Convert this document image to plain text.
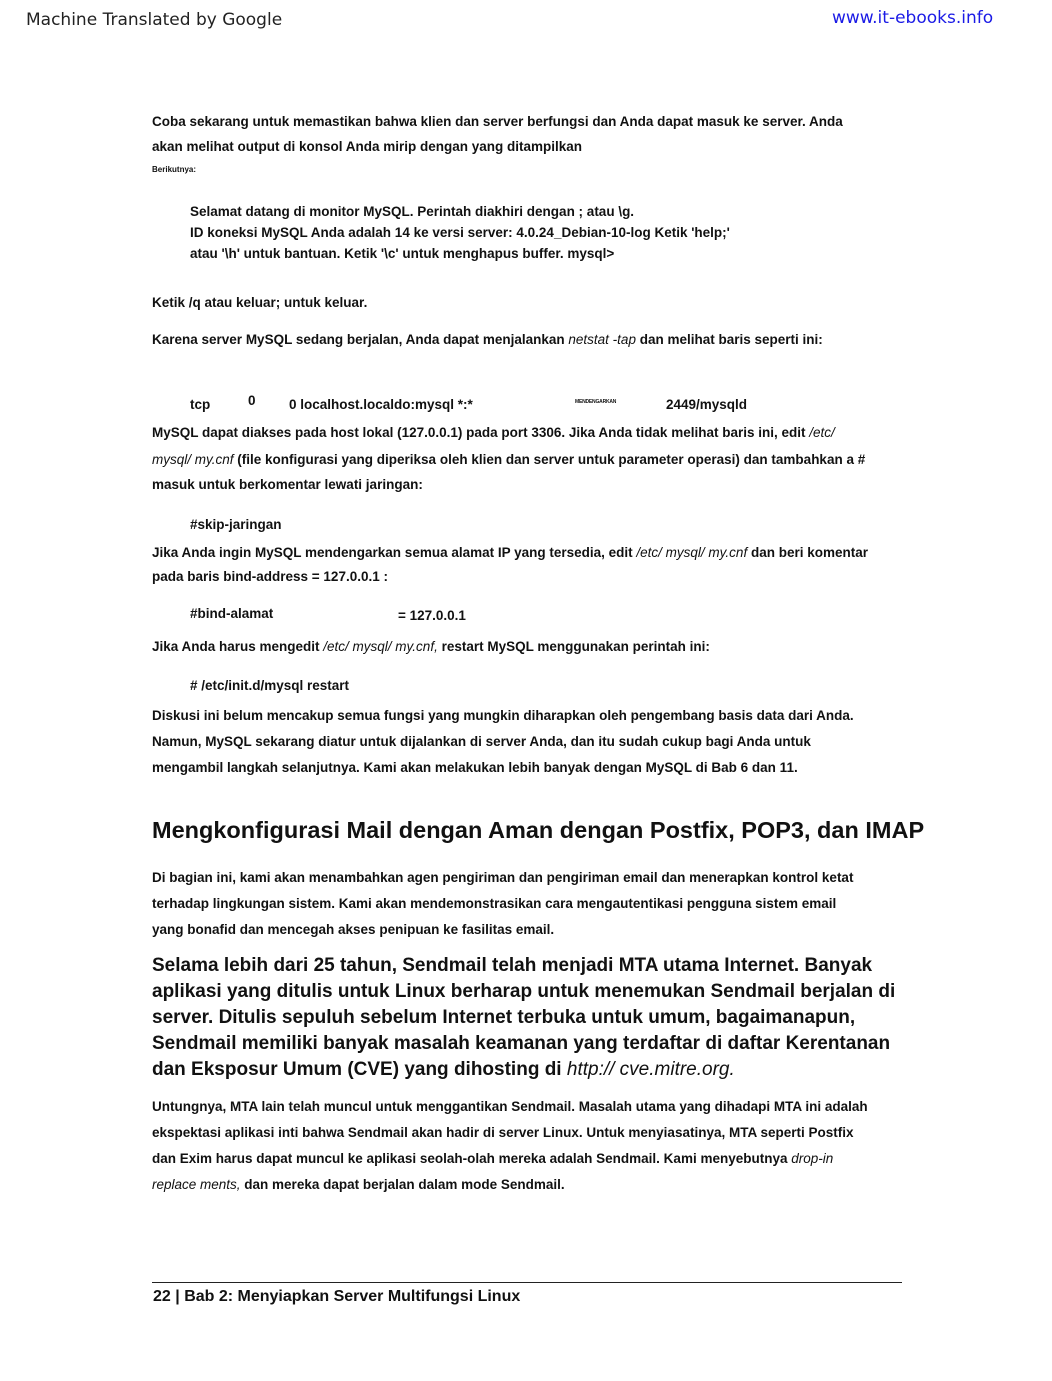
Machine Translated by Google	www.it-ebooks.info
Coba sekarang untuk memastikan bahwa klien dan server berfungsi dan Anda dapat masuk ke server. Anda
akan melihat output di konsol Anda mirip dengan yang ditampilkan
Berikutnya:
Selamat datang di monitor MySQL. Perintah diakhiri dengan ; atau \g.
ID koneksi MySQL Anda adalah 14 ke versi server: 4.0.24_Debian-10-log Ketik 'help;'
atau '\h' untuk bantuan. Ketik '\c' untuk menghapus buffer. mysql>
Ketik /q atau keluar; untuk keluar.
Karena server MySQL sedang berjalan, Anda dapat menjalankan netstat -tap dan melihat baris seperti ini:
tcp	0 0 localhost.localdo:mysql *:*	MENDENGARKAN	2449/mysqld
MySQL dapat diakses pada host lokal (127.0.0.1) pada port 3306. Jika Anda tidak melihat baris ini, edit /etc/
mysql/ my.cnf (file konfigurasi yang diperiksa oleh klien dan server untuk parameter operasi) dan tambahkan a #
masuk untuk berkomentar lewati jaringan:
#skip-jaringan
Jika Anda ingin MySQL mendengarkan semua alamat IP yang tersedia, edit /etc/ mysql/ my.cnf dan beri komentar
pada baris bind-address = 127.0.0.1 :
#bind-alamat	= 127.0.0.1
Jika Anda harus mengedit /etc/ mysql/ my.cnf, restart MySQL menggunakan perintah ini:
# /etc/init.d/mysql restart
Diskusi ini belum mencakup semua fungsi yang mungkin diharapkan oleh pengembang basis data dari Anda.
Namun, MySQL sekarang diatur untuk dijalankan di server Anda, dan itu sudah cukup bagi Anda untuk
mengambil langkah selanjutnya. Kami akan melakukan lebih banyak dengan MySQL di Bab 6 dan 11.
Mengkonfigurasi Mail dengan Aman dengan Postfix, POP3, dan IMAP
Di bagian ini, kami akan menambahkan agen pengiriman dan pengiriman email dan menerapkan kontrol ketat
terhadap lingkungan sistem. Kami akan mendemonstrasikan cara mengautentikasi pengguna sistem email
yang bonafid dan mencegah akses penipuan ke fasilitas email.
Selama lebih dari 25 tahun, Sendmail telah menjadi MTA utama Internet. Banyak
aplikasi yang ditulis untuk Linux berharap untuk menemukan Sendmail berjalan di
server. Ditulis sepuluh sebelum Internet terbuka untuk umum, bagaimanapun,
Sendmail memiliki banyak masalah keamanan yang terdaftar di daftar Kerentanan
dan Eksposur Umum (CVE) yang dihosting di http:// cve.mitre.org.
Untungnya, MTA lain telah muncul untuk menggantikan Sendmail. Masalah utama yang dihadapi MTA ini adalah
ekspektasi aplikasi inti bahwa Sendmail akan hadir di server Linux. Untuk menyiasatinya, MTA seperti Postfix
dan Exim harus dapat muncul ke aplikasi seolah-olah mereka adalah Sendmail. Kami menyebutnya drop-in
replace ments, dan mereka dapat berjalan dalam mode Sendmail.
22 | Bab 2: Menyiapkan Server Multifungsi Linux
